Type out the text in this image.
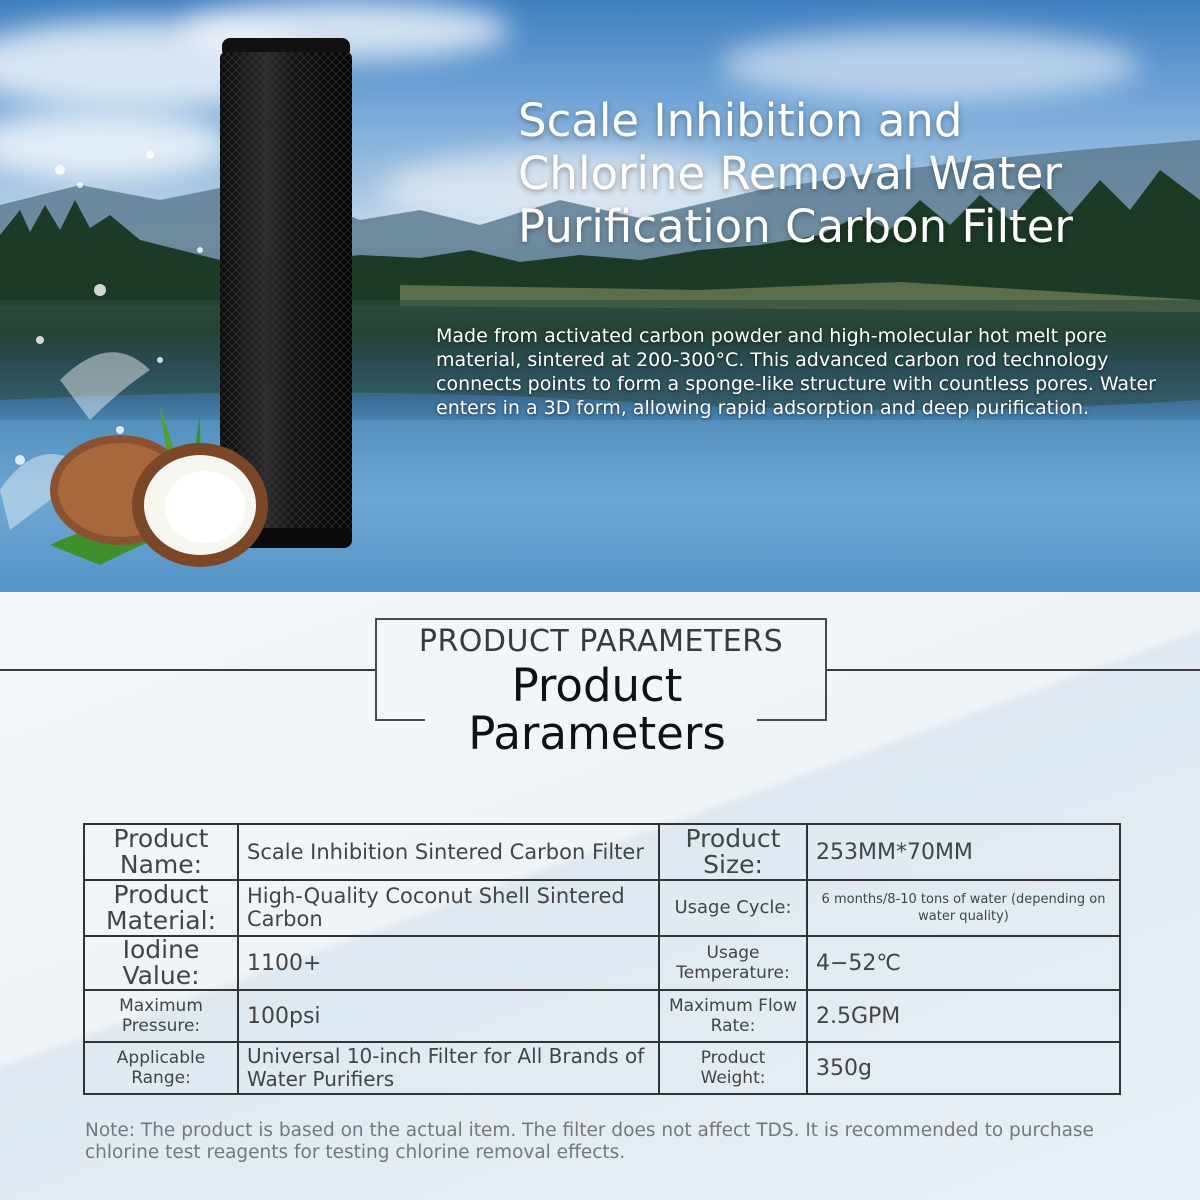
Scale Inhibition and Chlorine Removal Water Purification Carbon Filter

Made from activated carbon powder and high-molecular hot melt pore material, sintered at 200-300°C. This advanced carbon rod technology connects points to form a sponge-like structure with countless pores. Water enters in a 3D form, allowing rapid adsorption and deep purification.

PRODUCT PARAMETERS
Product Parameters
Product Name:	Scale Inhibition Sintered Carbon Filter	Product Size:	253MM*70MM
Product Material:	High-Quality Coconut Shell Sintered Carbon	Usage Cycle:	6 months/8-10 tons of water (depending on water quality)
Iodine Value:	1100+	Usage Temperature:	4−52℃
Maximum Pressure:	100psi	Maximum Flow Rate:	2.5GPM
Applicable Range:	Universal 10-inch Filter for All Brands of Water Purifiers	Product Weight:	350g

Note: The product is based on the actual item. The filter does not affect TDS. It is recommended to purchase chlorine test reagents for testing chlorine removal effects.
